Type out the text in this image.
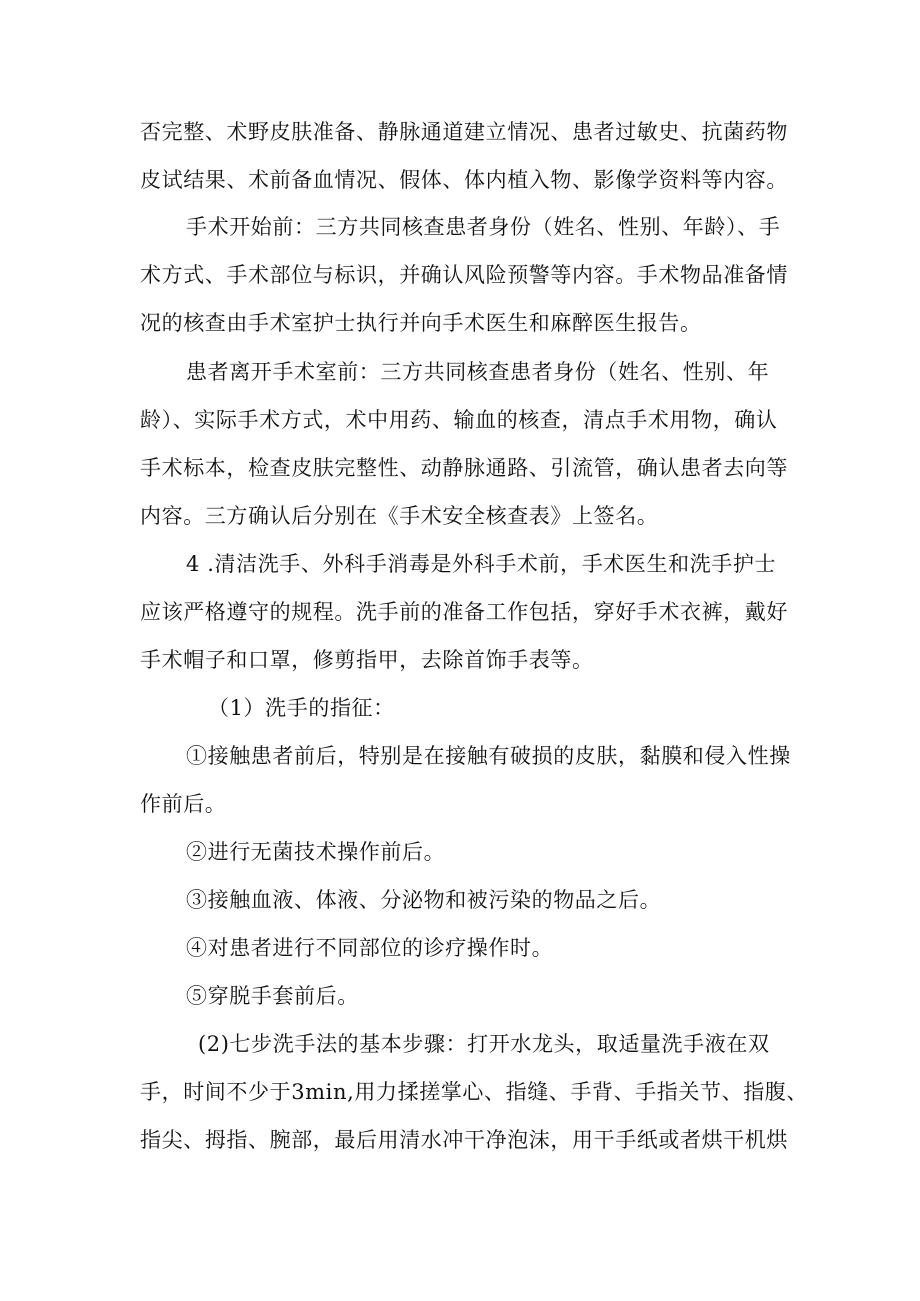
否完整、术野皮肤准备、静脉通道建立情况、患者过敏史、抗菌药物
皮试结果、术前备血情况、假体、体内植入物、影像学资料等内容。
手术开始前：三方共同核查患者身份（姓名、性别、年龄）、手
术方式、手术部位与标识，并确认风险预警等内容。手术物品准备情
况的核查由手术室护士执行并向手术医生和麻醉医生报告。
患者离开手术室前：三方共同核查患者身份（姓名、性别、年
龄）、实际手术方式，术中用药、输血的核查，清点手术用物，确认
手术标本，检查皮肤完整性、动静脉通路、引流管，确认患者去向等
内容。三方确认后分别在《手术安全核查表》上签名。
4 .清洁洗手、外科手消毒是外科手术前，手术医生和洗手护士
应该严格遵守的规程。洗手前的准备工作包括，穿好手术衣裤，戴好
手术帽子和口罩，修剪指甲，去除首饰手表等。
（1）洗手的指征：
①接触患者前后，特别是在接触有破损的皮肤，黏膜和侵入性操
作前后。
②进行无菌技术操作前后。
③接触血液、体液、分泌物和被污染的物品之后。
④对患者进行不同部位的诊疗操作时。
⑤穿脱手套前后。
(2)七步洗手法的基本步骤：打开水龙头，取适量洗手液在双
手，时间不少于3min,用力揉搓掌心、指缝、手背、手指关节、指腹、
指尖、拇指、腕部，最后用清水冲干净泡沫，用干手纸或者烘干机烘
